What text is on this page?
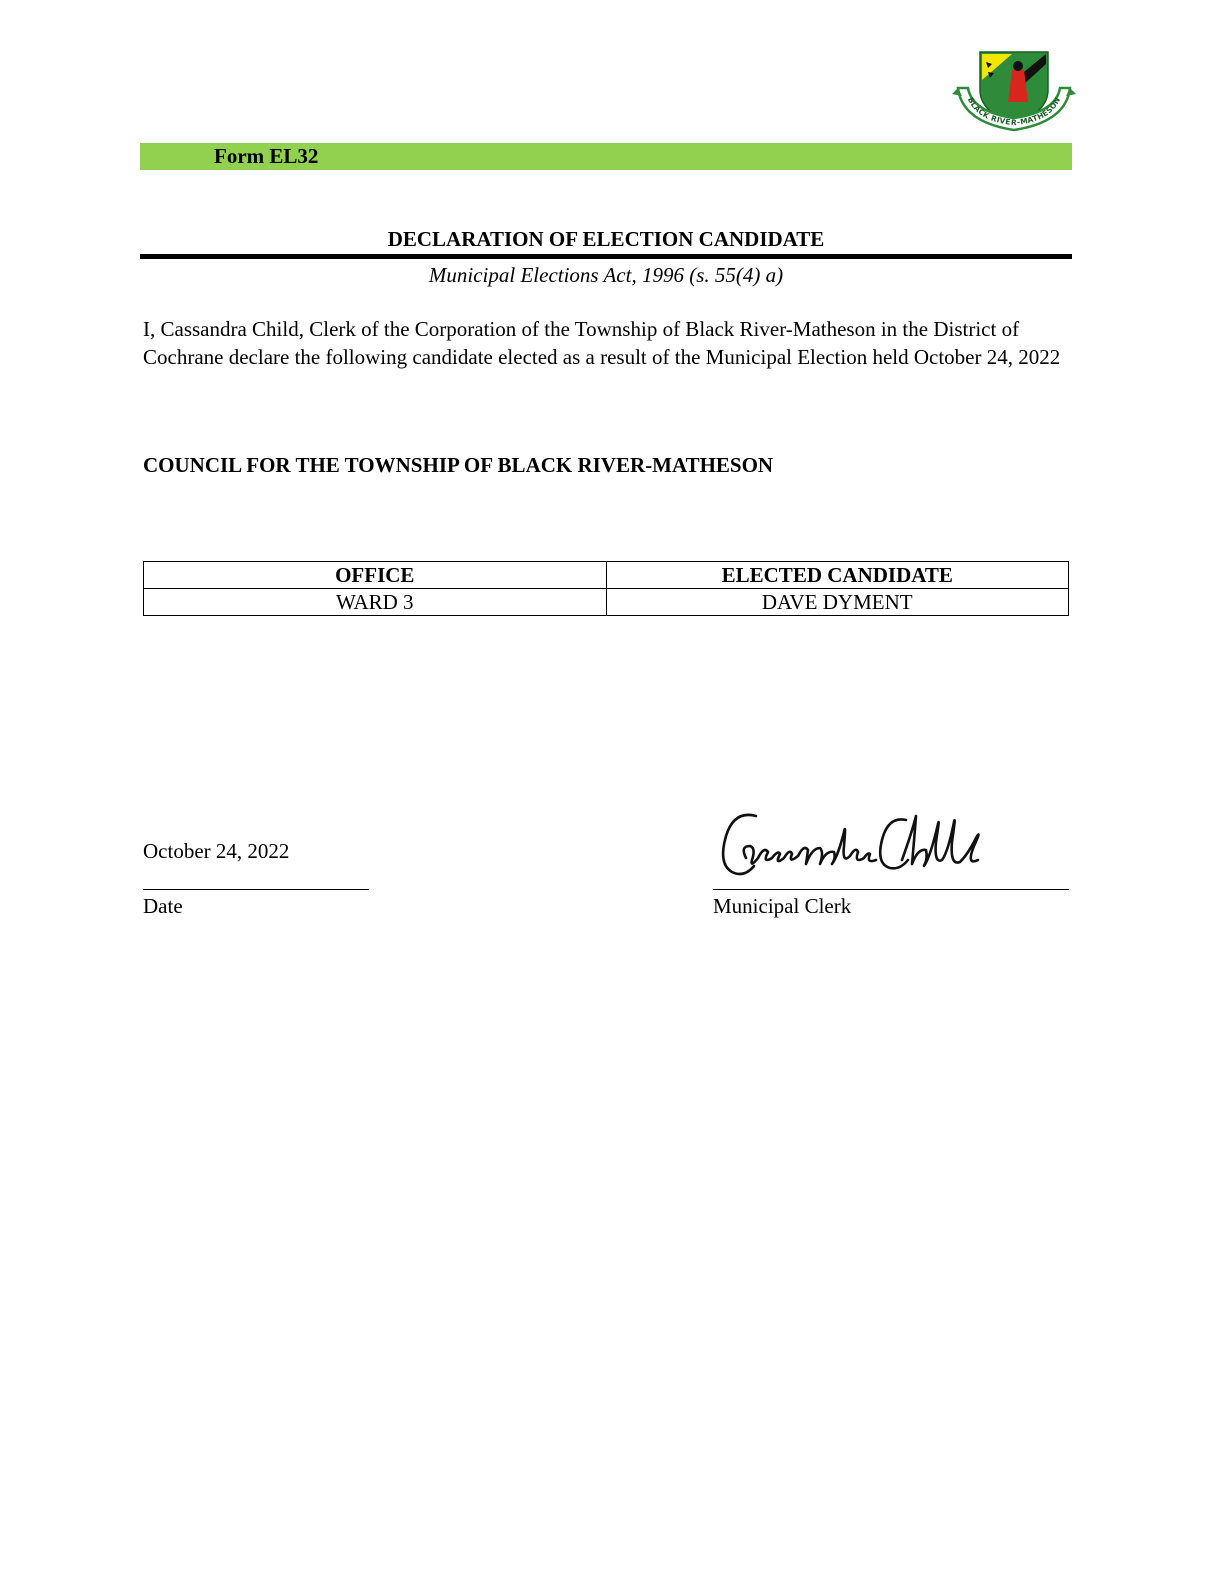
BLACK RIVER-MATHESON
Form EL32
DECLARATION OF ELECTION CANDIDATE
Municipal Elections Act, 1996 (s. 55(4) a)
I, Cassandra Child, Clerk of the Corporation of the Township of Black River-Matheson in the District of Cochrane declare the following candidate elected as a result of the Municipal Election held October 24, 2022
COUNCIL FOR THE TOWNSHIP OF BLACK RIVER-MATHESON
OFFICE	ELECTED CANDIDATE
WARD 3	DAVE DYMENT
October 24, 2022
Date
Cassandra Child
Municipal Clerk
